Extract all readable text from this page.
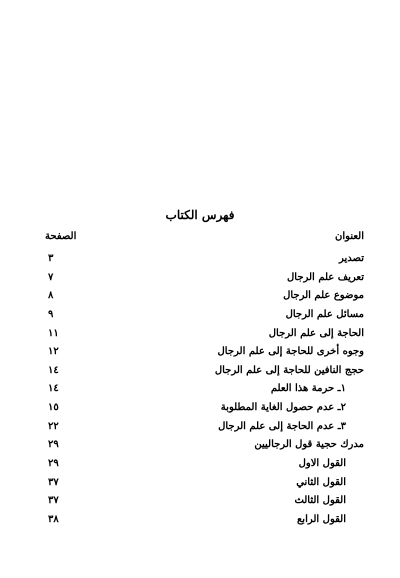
فهرس الكتاب
العنوان
الصفحة
تصدير
٣
تعريف علم الرجال
٧
موضوع علم الرجال
٨
مسائل علم الرجال
٩
الحاجة إلى علم الرجال
١١
وجوه أخرى للحاجة إلى علم الرجال
١٢
حجج النافين للحاجة إلى علم الرجال
١٤
١ـ حرمة هذا العلم
١٤
٢ـ عدم حصول الغاية المطلوبة
١٥
٣ـ عدم الحاجة إلى علم الرجال
٢٢
مدرك حجية قول الرجاليين
٢٩
القول الاول
٢٩
القول الثاني
٣٧
القول الثالث
٣٧
القول الرابع
٣٨
